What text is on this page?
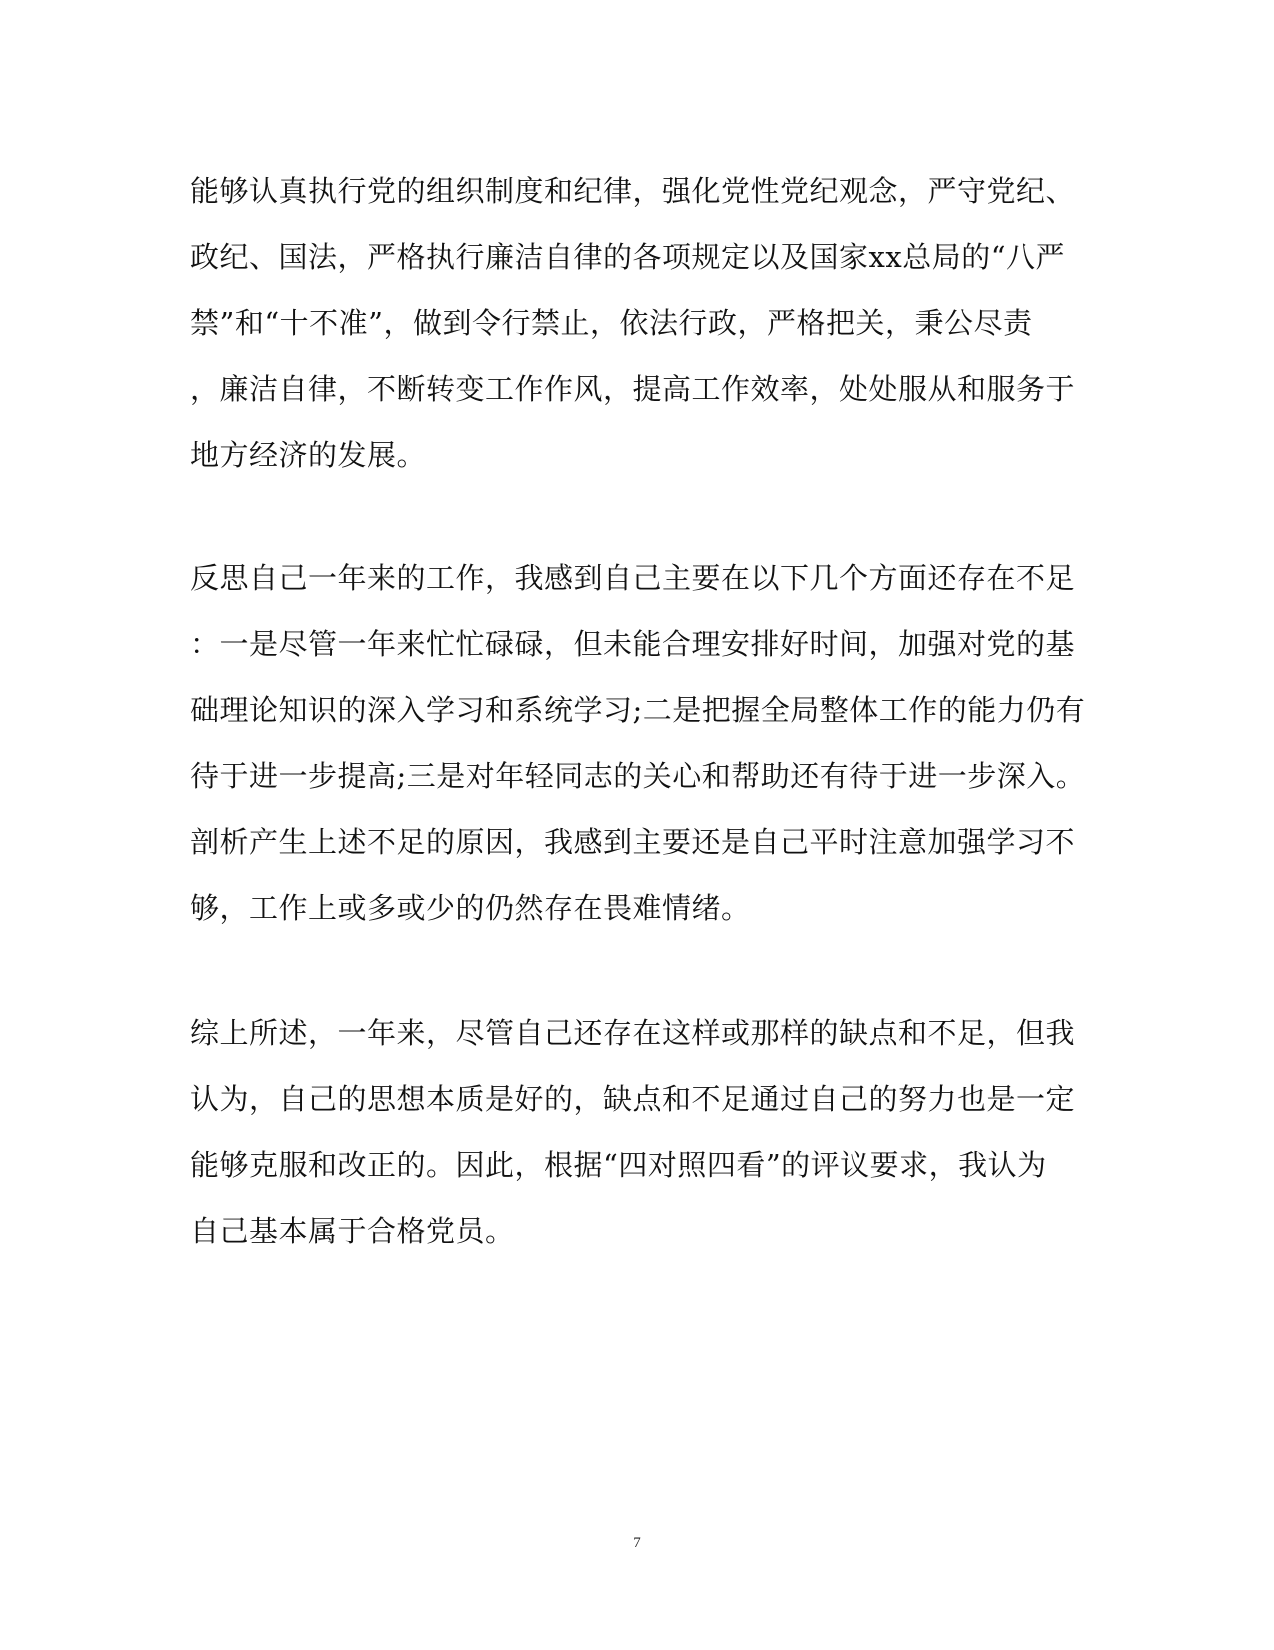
能够认真执行党的组织制度和纪律，强化党性党纪观念，严守党纪、
政纪、国法，严格执行廉洁自律的各项规定以及国家xx总局的“八严
禁”和“十不准”，做到令行禁止，依法行政，严格把关，秉公尽责
，廉洁自律，不断转变工作作风，提高工作效率，处处服从和服务于
地方经济的发展。
反思自己一年来的工作，我感到自己主要在以下几个方面还存在不足
：一是尽管一年来忙忙碌碌，但未能合理安排好时间，加强对党的基
础理论知识的深入学习和系统学习;二是把握全局整体工作的能力仍有
待于进一步提高;三是对年轻同志的关心和帮助还有待于进一步深入。
剖析产生上述不足的原因，我感到主要还是自己平时注意加强学习不
够，工作上或多或少的仍然存在畏难情绪。
综上所述，一年来，尽管自己还存在这样或那样的缺点和不足，但我
认为，自己的思想本质是好的，缺点和不足通过自己的努力也是一定
能够克服和改正的。因此，根据“四对照四看”的评议要求，我认为
自己基本属于合格党员。
7
